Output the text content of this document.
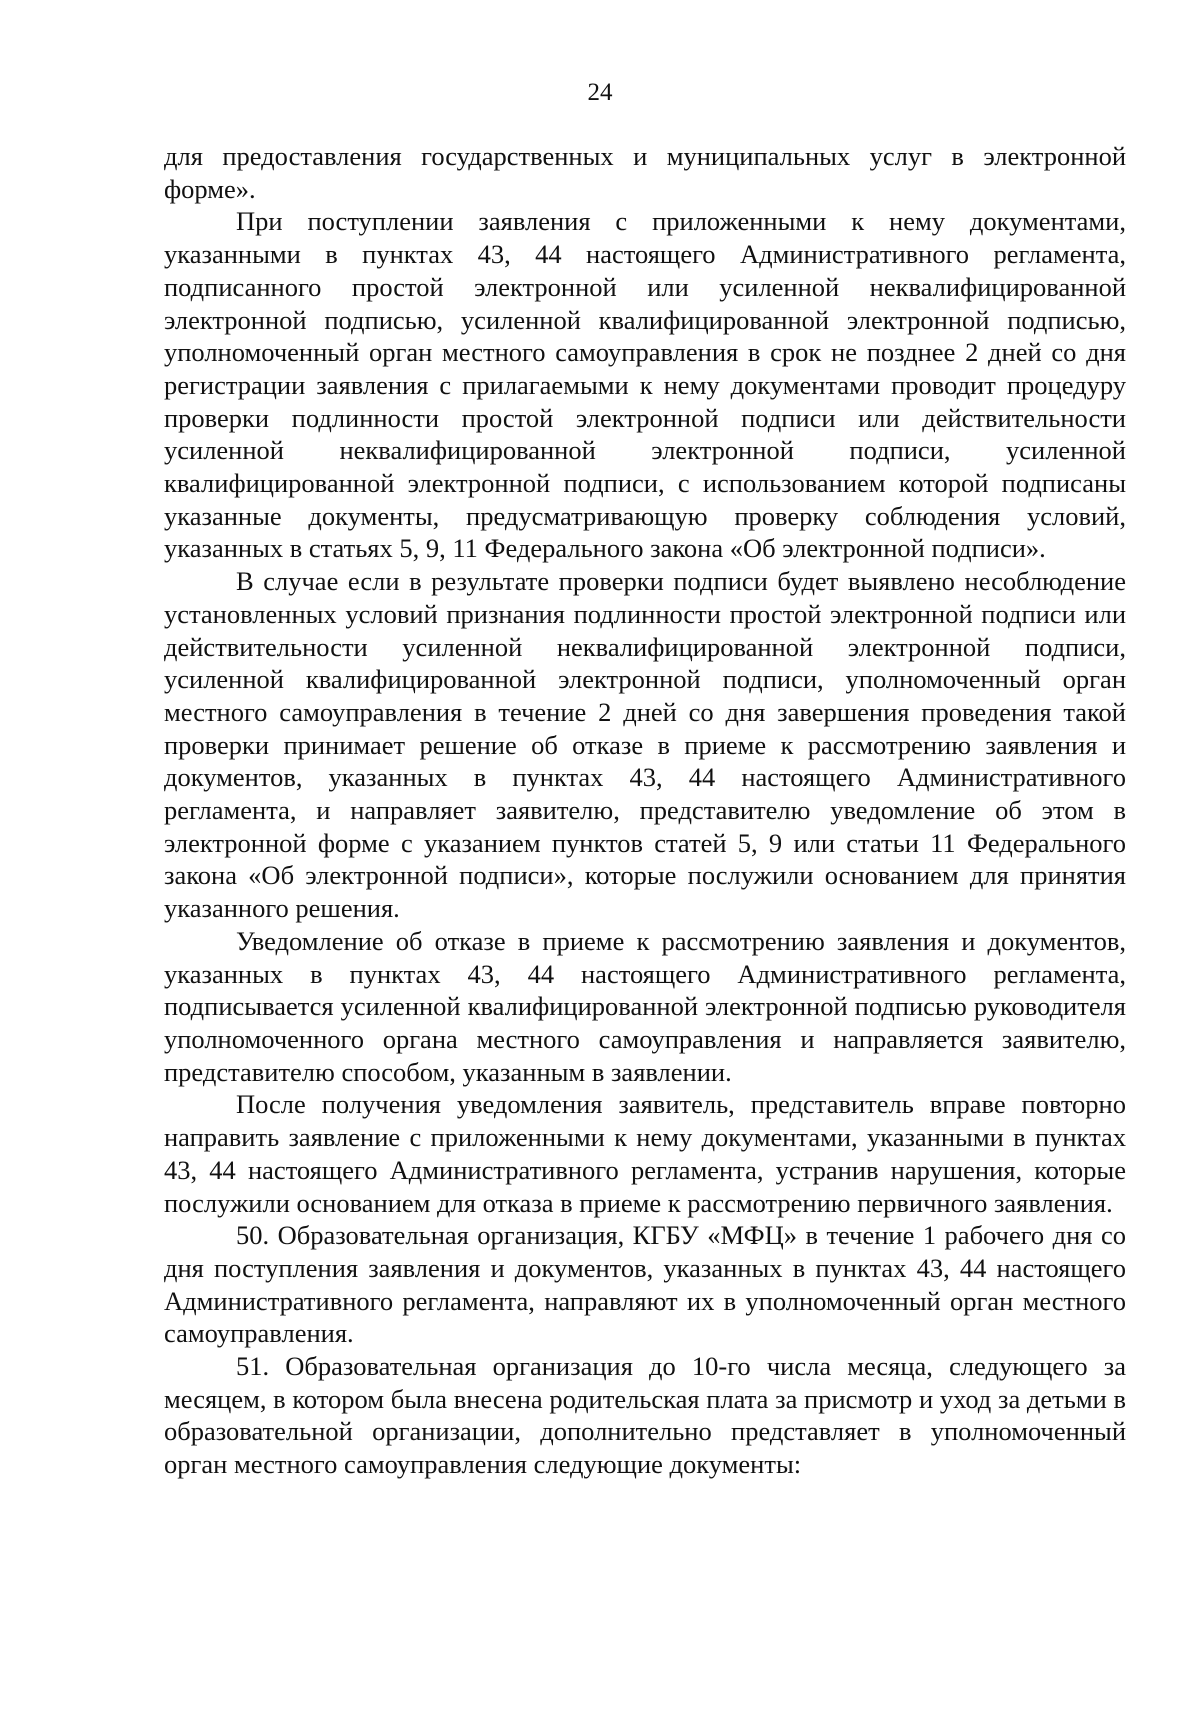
24

для предоставления государственных и муниципальных услуг в электронной форме».

При поступлении заявления с приложенными к нему документами, указанными в пунктах 43, 44 настоящего Административного регламента, подписанного простой электронной или усиленной неквалифицированной электронной подписью, усиленной квалифицированной электронной подписью, уполномоченный орган местного самоуправления в срок не позднее 2 дней со дня регистрации заявления с прилагаемыми к нему документами проводит процедуру проверки подлинности простой электронной подписи или действительности усиленной неквалифицированной электронной подписи, усиленной квалифицированной электронной подписи, с использованием которой подписаны указанные документы, предусматривающую проверку соблюдения условий, указанных в статьях 5, 9, 11 Федерального закона «Об электронной подписи».

В случае если в результате проверки подписи будет выявлено несоблюдение установленных условий признания подлинности простой электронной подписи или действительности усиленной неквалифицированной электронной подписи, усиленной квалифицированной электронной подписи, уполномоченный орган местного самоуправления в течение 2 дней со дня завершения проведения такой проверки принимает решение об отказе в приеме к рассмотрению заявления и документов, указанных в пунктах 43, 44 настоящего Административного регламента, и направляет заявителю, представителю уведомление об этом в электронной форме с указанием пунктов статей 5, 9 или статьи 11 Федерального закона «Об электронной подписи», которые послужили основанием для принятия указанного решения.

Уведомление об отказе в приеме к рассмотрению заявления и документов, указанных в пунктах 43, 44 настоящего Административного регламента, подписывается усиленной квалифицированной электронной подписью руководителя уполномоченного органа местного самоуправления и направляется заявителю, представителю способом, указанным в заявлении.

После получения уведомления заявитель, представитель вправе повторно направить заявление с приложенными к нему документами, указанными в пунктах 43, 44 настоящего Административного регламента, устранив нарушения, которые послужили основанием для отказа в приеме к рассмотрению первичного заявления.

50. Образовательная организация, КГБУ «МФЦ» в течение 1 рабочего дня со дня поступления заявления и документов, указанных в пунктах 43, 44 настоящего Административного регламента, направляют их в уполномоченный орган местного самоуправления.

51. Образовательная организация до 10-го числа месяца, следующего за месяцем, в котором была внесена родительская плата за присмотр и уход за детьми в образовательной организации, дополнительно представляет в уполномоченный орган местного самоуправления следующие документы:
